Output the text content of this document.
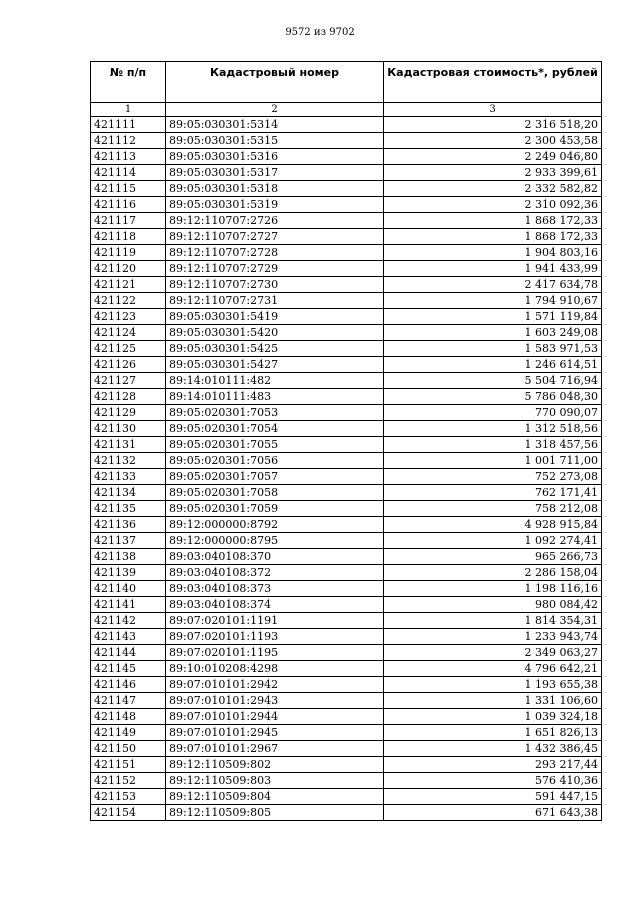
9572 из 9702
№ п/п	Кадастровый номер	Кадастровая стоимость*, рублей
1	2	3
421111	89:05:030301:5314	2 316 518,20
421112	89:05:030301:5315	2 300 453,58
421113	89:05:030301:5316	2 249 046,80
421114	89:05:030301:5317	2 933 399,61
421115	89:05:030301:5318	2 332 582,82
421116	89:05:030301:5319	2 310 092,36
421117	89:12:110707:2726	1 868 172,33
421118	89:12:110707:2727	1 868 172,33
421119	89:12:110707:2728	1 904 803,16
421120	89:12:110707:2729	1 941 433,99
421121	89:12:110707:2730	2 417 634,78
421122	89:12:110707:2731	1 794 910,67
421123	89:05:030301:5419	1 571 119,84
421124	89:05:030301:5420	1 603 249,08
421125	89:05:030301:5425	1 583 971,53
421126	89:05:030301:5427	1 246 614,51
421127	89:14:010111:482	5 504 716,94
421128	89:14:010111:483	5 786 048,30
421129	89:05:020301:7053	770 090,07
421130	89:05:020301:7054	1 312 518,56
421131	89:05:020301:7055	1 318 457,56
421132	89:05:020301:7056	1 001 711,00
421133	89:05:020301:7057	752 273,08
421134	89:05:020301:7058	762 171,41
421135	89:05:020301:7059	758 212,08
421136	89:12:000000:8792	4 928 915,84
421137	89:12:000000:8795	1 092 274,41
421138	89:03:040108:370	965 266,73
421139	89:03:040108:372	2 286 158,04
421140	89:03:040108:373	1 198 116,16
421141	89:03:040108:374	980 084,42
421142	89:07:020101:1191	1 814 354,31
421143	89:07:020101:1193	1 233 943,74
421144	89:07:020101:1195	2 349 063,27
421145	89:10:010208:4298	4 796 642,21
421146	89:07:010101:2942	1 193 655,38
421147	89:07:010101:2943	1 331 106,60
421148	89:07:010101:2944	1 039 324,18
421149	89:07:010101:2945	1 651 826,13
421150	89:07:010101:2967	1 432 386,45
421151	89:12:110509:802	293 217,44
421152	89:12:110509:803	576 410,36
421153	89:12:110509:804	591 447,15
421154	89:12:110509:805	671 643,38
